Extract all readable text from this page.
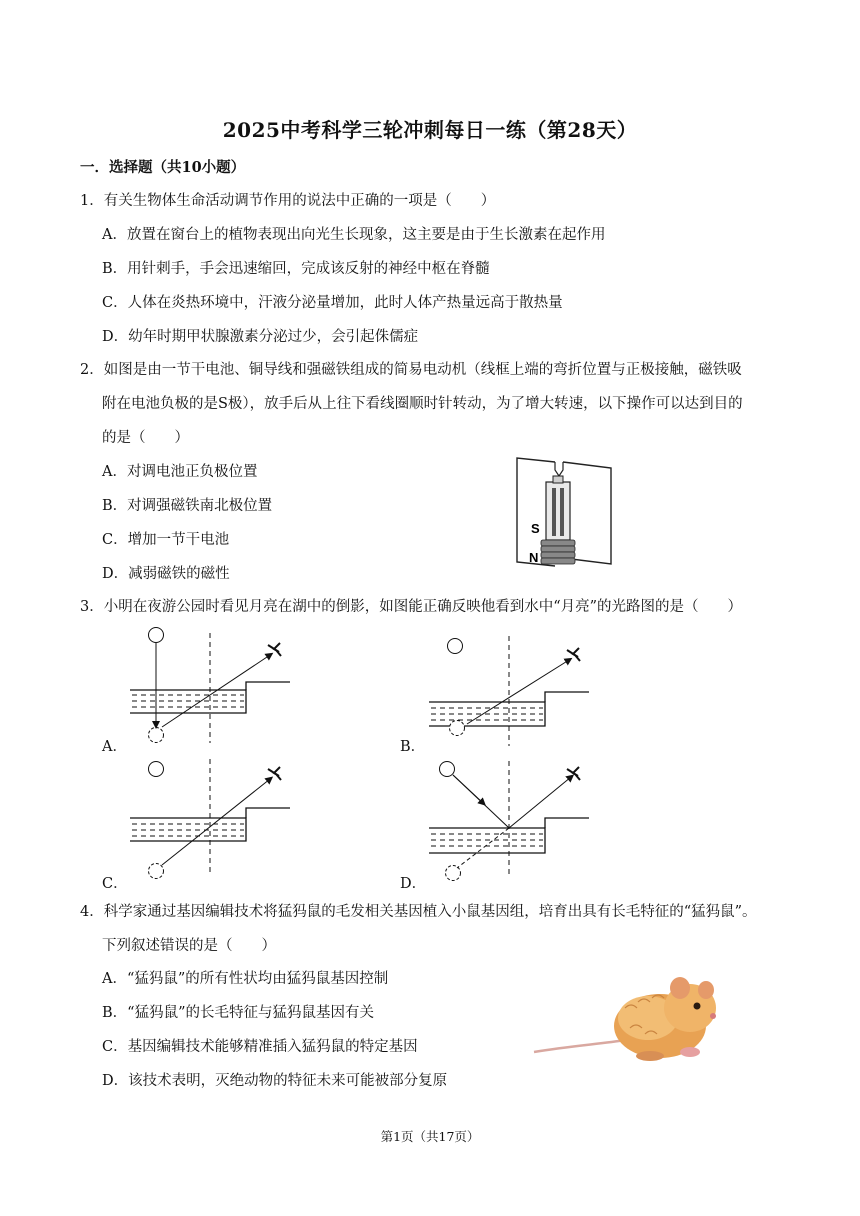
2025中考科学三轮冲刺每日一练（第28天）
一．选择题（共10小题）
1．有关生物体生命活动调节作用的说法中正确的一项是（　　）
A．放置在窗台上的植物表现出向光生长现象，这主要是由于生长激素在起作用
B．用针刺手，手会迅速缩回，完成该反射的神经中枢在脊髓
C．人体在炎热环境中，汗液分泌量增加，此时人体产热量远高于散热量
D．幼年时期甲状腺激素分泌过少，会引起侏儒症
2．如图是由一节干电池、铜导线和强磁铁组成的简易电动机（线框上端的弯折位置与正极接触，磁铁吸
附在电池负极的是S极），放手后从上往下看线圈顺时针转动，为了增大转速，以下操作可以达到目的
的是（　　）
A．对调电池正负极位置
B．对调强磁铁南北极位置
C．增加一节干电池
D．减弱磁铁的磁性
S
N
3．小明在夜游公园时看见月亮在湖中的倒影，如图能正确反映他看到水中“月亮”的光路图的是（　　）
A．	B．
C．	D．
4．科学家通过基因编辑技术将猛犸鼠的毛发相关基因植入小鼠基因组，培育出具有长毛特征的“猛犸鼠”。
下列叙述错误的是（　　）
A．“猛犸鼠”的所有性状均由猛犸鼠基因控制
B．“猛犸鼠”的长毛特征与猛犸鼠基因有关
C．基因编辑技术能够精准插入猛犸鼠的特定基因
D．该技术表明，灭绝动物的特征未来可能被部分复原
第1页（共17页）
